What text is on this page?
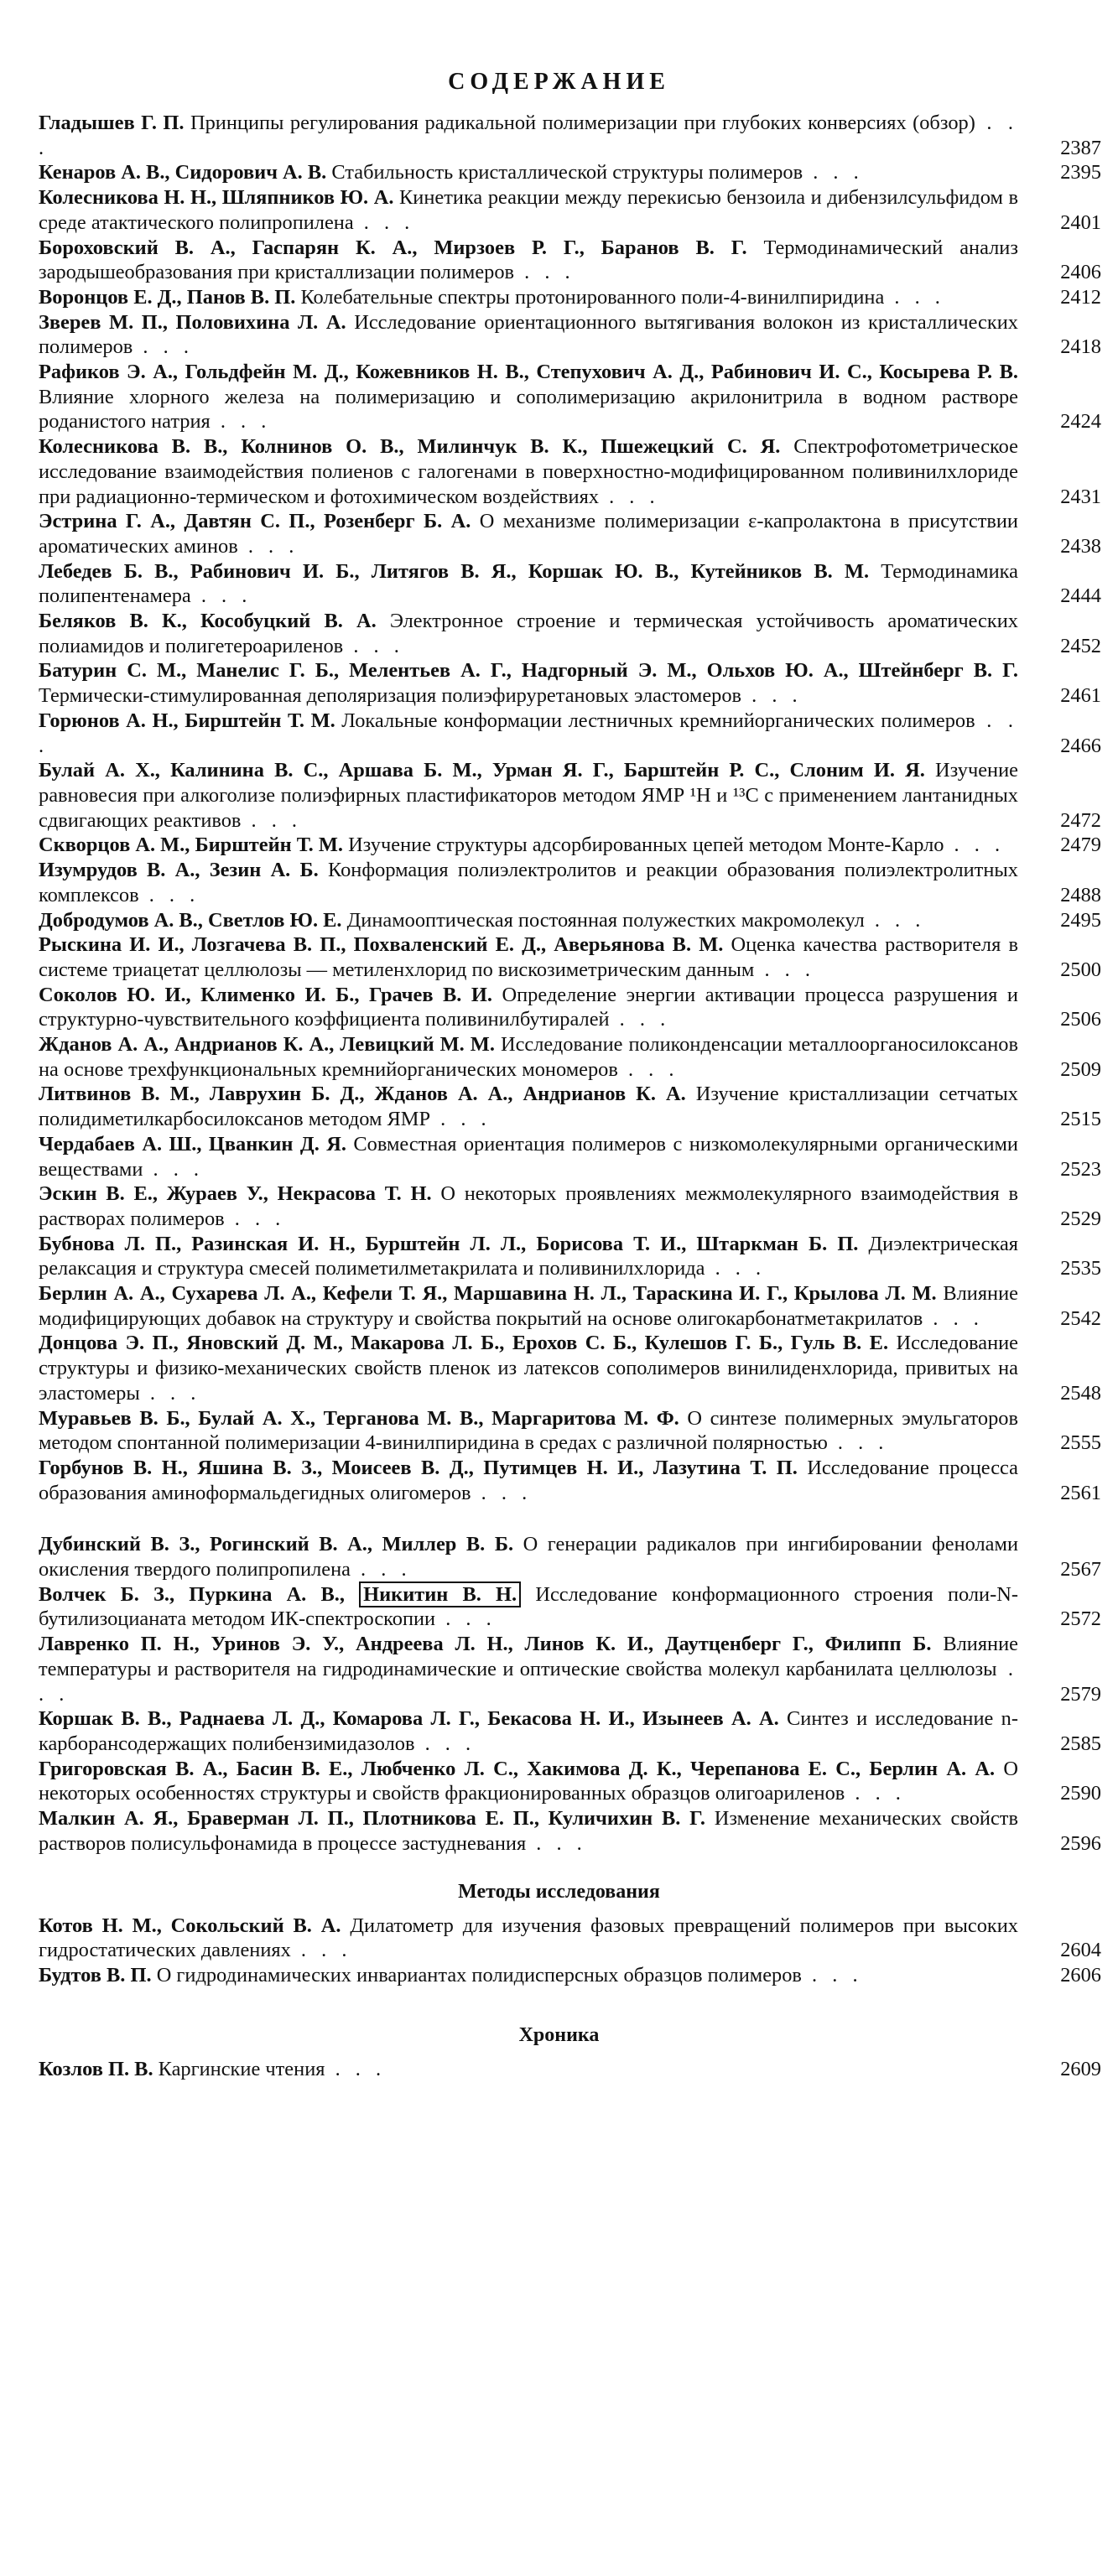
СОДЕРЖАНИЕ
Гладышев Г. П. Принципы регулирования радикальной полимеризации при глубоких конверсиях (обзор) . . .	2387
Кенаров А. В., Сидорович А. В. Стабильность кристаллической структуры полимеров . . .	2395
Колесникова Н. Н., Шляпников Ю. А. Кинетика реакции между перекисью бензоила и дибензилсульфидом в среде атактического полипропилена . . .	2401
Бороховский В. А., Гаспарян К. А., Мирзоев Р. Г., Баранов В. Г. Термодинамический анализ зародышеобразования при кристаллизации полимеров . . .	2406
Воронцов Е. Д., Панов В. П. Колебательные спектры протонированного поли-4-винилпиридина . . .	2412
Зверев М. П., Половихина Л. А. Исследование ориентационного вытягивания волокон из кристаллических полимеров . . .	2418
Рафиков Э. А., Гольдфейн М. Д., Кожевников Н. В., Степухович А. Д., Рабинович И. С., Косырева Р. В. Влияние хлорного железа на полимеризацию и сополимеризацию акрилонитрила в водном растворе роданистого натрия . . .	2424
Колесникова В. В., Колнинов О. В., Милинчук В. К., Пшежецкий С. Я. Спектрофотометрическое исследование взаимодействия полиенов с галогенами в поверхностно-модифицированном поливинилхлориде при радиационно-термическом и фотохимическом воздействиях . . .	2431
Эстрина Г. А., Давтян С. П., Розенберг Б. А. О механизме полимеризации ε-капролактона в присутствии ароматических аминов . . .	2438
Лебедев Б. В., Рабинович И. Б., Литягов В. Я., Коршак Ю. В., Кутейников В. М. Термодинамика полипентенамера . . .	2444
Беляков В. К., Кособуцкий В. А. Электронное строение и термическая устойчивость ароматических полиамидов и полигетероариленов . . .	2452
Батурин С. М., Манелис Г. Б., Мелентьев А. Г., Надгорный Э. М., Ольхов Ю. А., Штейнберг В. Г. Термически-стимулированная деполяризация полиэфируретановых эластомеров . . .	2461
Горюнов А. Н., Бирштейн Т. М. Локальные конформации лестничных кремнийорганических полимеров . . .	2466
Булай А. Х., Калинина В. С., Аршава Б. М., Урман Я. Г., Барштейн Р. С., Слоним И. Я. Изучение равновесия при алкоголизе полиэфирных пластификаторов методом ЯМР ¹H и ¹³C с применением лантанидных сдвигающих реактивов . . .	2472
Скворцов А. М., Бирштейн Т. М. Изучение структуры адсорбированных цепей методом Монте-Карло . . .	2479
Изумрудов В. А., Зезин А. Б. Конформация полиэлектролитов и реакции образования полиэлектролитных комплексов . . .	2488
Добродумов А. В., Светлов Ю. Е. Динамооптическая постоянная полужестких макромолекул . . .	2495
Рыскина И. И., Лозгачева В. П., Похваленский Е. Д., Аверьянова В. М. Оценка качества растворителя в системе триацетат целлюлозы — метиленхлорид по вискозиметрическим данным . . .	2500
Соколов Ю. И., Клименко И. Б., Грачев В. И. Определение энергии активации процесса разрушения и структурно-чувствительного коэффициента поливинилбутиралей . . .	2506
Жданов А. А., Андрианов К. А., Левицкий М. М. Исследование поликонденсации металлоорганосилоксанов на основе трехфункциональных кремнийорганических мономеров . . .	2509
Литвинов В. М., Лаврухин Б. Д., Жданов А. А., Андрианов К. А. Изучение кристаллизации сетчатых полидиметилкарбосилоксанов методом ЯМР . . .	2515
Чердабаев А. Ш., Цванкин Д. Я. Совместная ориентация полимеров с низкомолекулярными органическими веществами . . .	2523
Эскин В. Е., Жураев У., Некрасова Т. Н. О некоторых проявлениях межмолекулярного взаимодействия в растворах полимеров . . .	2529
Бубнова Л. П., Разинская И. Н., Бурштейн Л. Л., Борисова Т. И., Штаркман Б. П. Диэлектрическая релаксация и структура смесей полиметилметакрилата и поливинилхлорида . . .	2535
Берлин А. А., Сухарева Л. А., Кефели Т. Я., Маршавина Н. Л., Тараскина И. Г., Крылова Л. М. Влияние модифицирующих добавок на структуру и свойства покрытий на основе олигокарбонатметакрилатов . . .	2542
Донцова Э. П., Яновский Д. М., Макарова Л. Б., Ерохов С. Б., Кулешов Г. Б., Гуль В. Е. Исследование структуры и физико-механических свойств пленок из латексов сополимеров винилиденхлорида, привитых на эластомеры . . .	2548
Муравьев В. Б., Булай А. Х., Терганова М. В., Маргаритова М. Ф. О синтезе полимерных эмульгаторов методом спонтанной полимеризации 4-винилпиридина в средах с различной полярностью . . .	2555
Горбунов В. Н., Яшина В. З., Моисеев В. Д., Путимцев Н. И., Лазутина Т. П. Исследование процесса образования аминоформальдегидных олигомеров . . .	2561
Дубинский В. З., Рогинский В. А., Миллер В. Б. О генерации радикалов при ингибировании фенолами окисления твердого полипропилена . . .	2567
Волчек Б. З., Пуркина А. В., Никитин В. Н. Исследование конформационного строения поли-N-бутилизоцианата методом ИК-спектроскопии . . .	2572
Лавренко П. Н., Уринов Э. У., Андреева Л. Н., Линов К. И., Даутценберг Г., Филипп Б. Влияние температуры и растворителя на гидродинамические и оптические свойства молекул карбанилата целлюлозы . . .	2579
Коршак В. В., Раднаева Л. Д., Комарова Л. Г., Бекасова Н. И., Изынеев А. А. Синтез и исследование n-карборансодержащих полибензимидазолов . . .	2585
Григоровская В. А., Басин В. Е., Любченко Л. С., Хакимова Д. К., Черепанова Е. С., Берлин А. А. О некоторых особенностях структуры и свойств фракционированных образцов олигоариленов . . .	2590
Малкин А. Я., Браверман Л. П., Плотникова Е. П., Куличихин В. Г. Изменение механических свойств растворов полисульфонамида в процессе застудневания . . .	2596
Методы исследования
Котов Н. М., Сокольский В. А. Дилатометр для изучения фазовых превращений полимеров при высоких гидростатических давлениях . . .	2604
Будтов В. П. О гидродинамических инвариантах полидисперсных образцов полимеров . . .	2606
Хроника
Козлов П. В. Каргинские чтения . . .	2609
